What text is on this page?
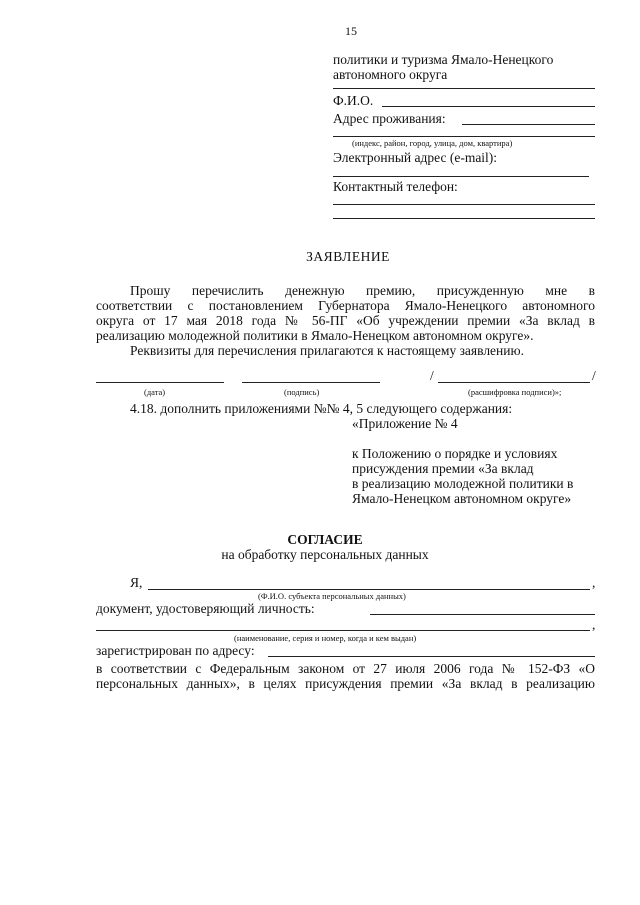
15
политики и туризма Ямало-Ненецкого
автономного округа
Ф.И.О.
Адрес проживания:
(индекс, район, город, улица, дом, квартира)
Электронный адрес (e-mail):
Контактный телефон:
ЗАЯВЛЕНИЕ
Прошу перечислить денежную премию, присужденную мне в
соответствии с постановлением Губернатора Ямало-Ненецкого автономного
округа от 17 мая 2018 года № 56-ПГ «Об учреждении премии «За вклад в
реализацию молодежной политики в Ямало-Ненецком автономном округе».
Реквизиты для перечисления прилагаются к настоящему заявлению.
/	/
(дата)	(подпись)	(расшифровка подписи)»;
4.18. дополнить приложениями №№ 4, 5 следующего содержания:
«Приложение № 4
к Положению о порядке и условиях
присуждения премии «За вклад
в реализацию молодежной политики в
Ямало-Ненецком автономном округе»
СОГЛАСИЕ
на обработку персональных данных
Я,	,
(Ф.И.О. субъекта персональных данных)
документ, удостоверяющий личность:
,
(наименование, серия и номер, когда и кем выдан)
зарегистрирован по адресу:
в соответствии с Федеральным законом от 27 июля 2006 года № 152-ФЗ «О
персональных данных», в целях присуждения премии «За вклад в реализацию
